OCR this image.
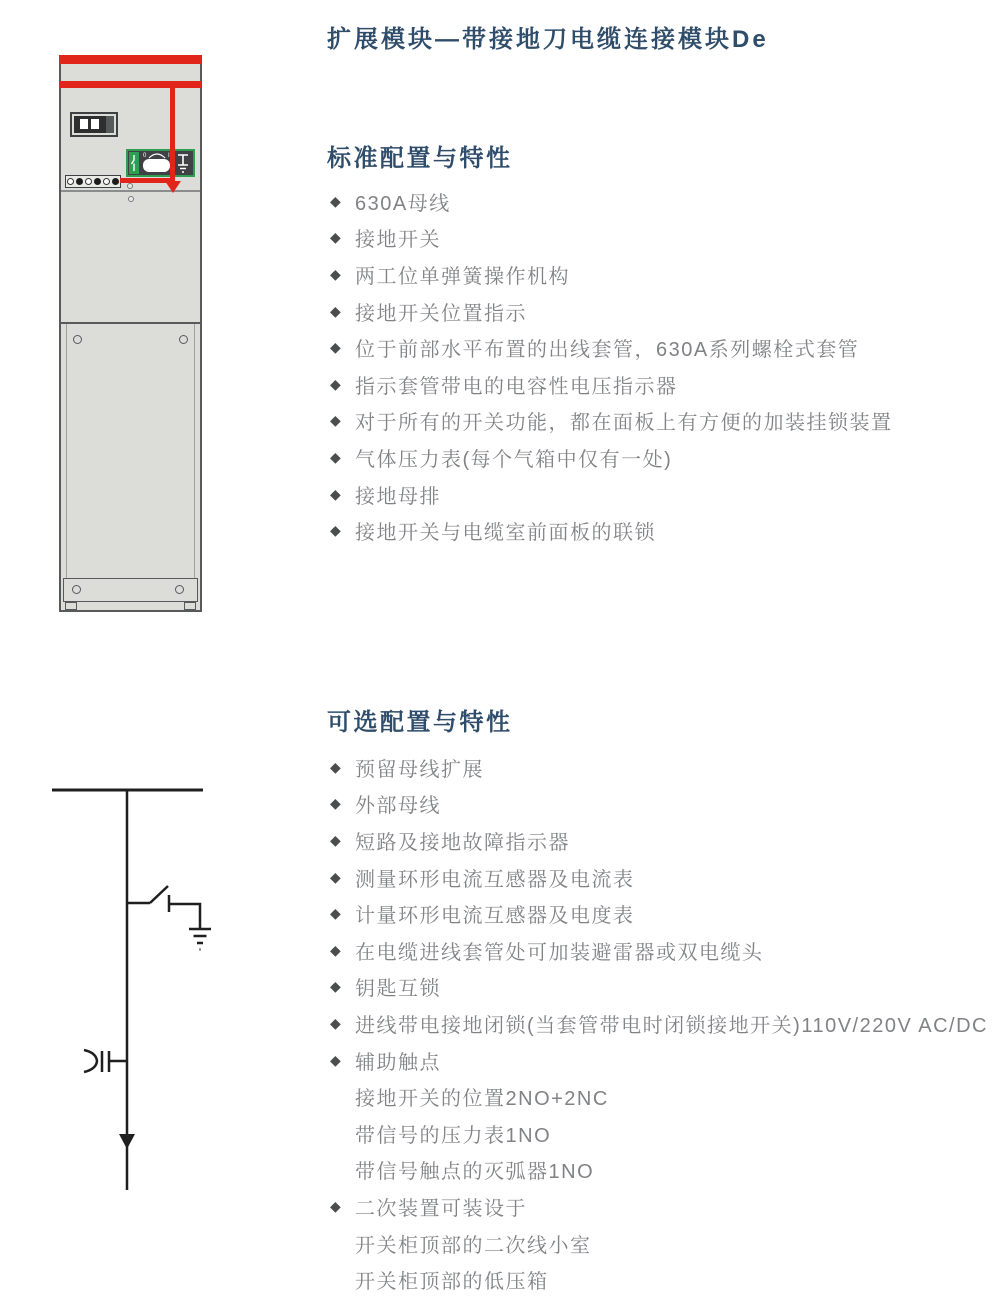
0	I
扩展模块—带接地刀电缆连接模块De
标准配置与特性
◆ 630A母线
◆ 接地开关
◆ 两工位单弹簧操作机构
◆ 接地开关位置指示
◆ 位于前部水平布置的出线套管，630A系列螺栓式套管
◆ 指示套管带电的电容性电压指示器
◆ 对于所有的开关功能，都在面板上有方便的加装挂锁装置
◆ 气体压力表(每个气箱中仅有一处)
◆ 接地母排
◆ 接地开关与电缆室前面板的联锁
可选配置与特性
◆ 预留母线扩展
◆ 外部母线
◆ 短路及接地故障指示器
◆ 测量环形电流互感器及电流表
◆ 计量环形电流互感器及电度表
◆ 在电缆进线套管处可加装避雷器或双电缆头
◆ 钥匙互锁
◆ 进线带电接地闭锁(当套管带电时闭锁接地开关)110V/220V AC/DC
◆ 辅助触点
接地开关的位置2NO+2NC
带信号的压力表1NO
带信号触点的灭弧器1NO
◆ 二次装置可装设于
开关柜顶部的二次线小室
开关柜顶部的低压箱
